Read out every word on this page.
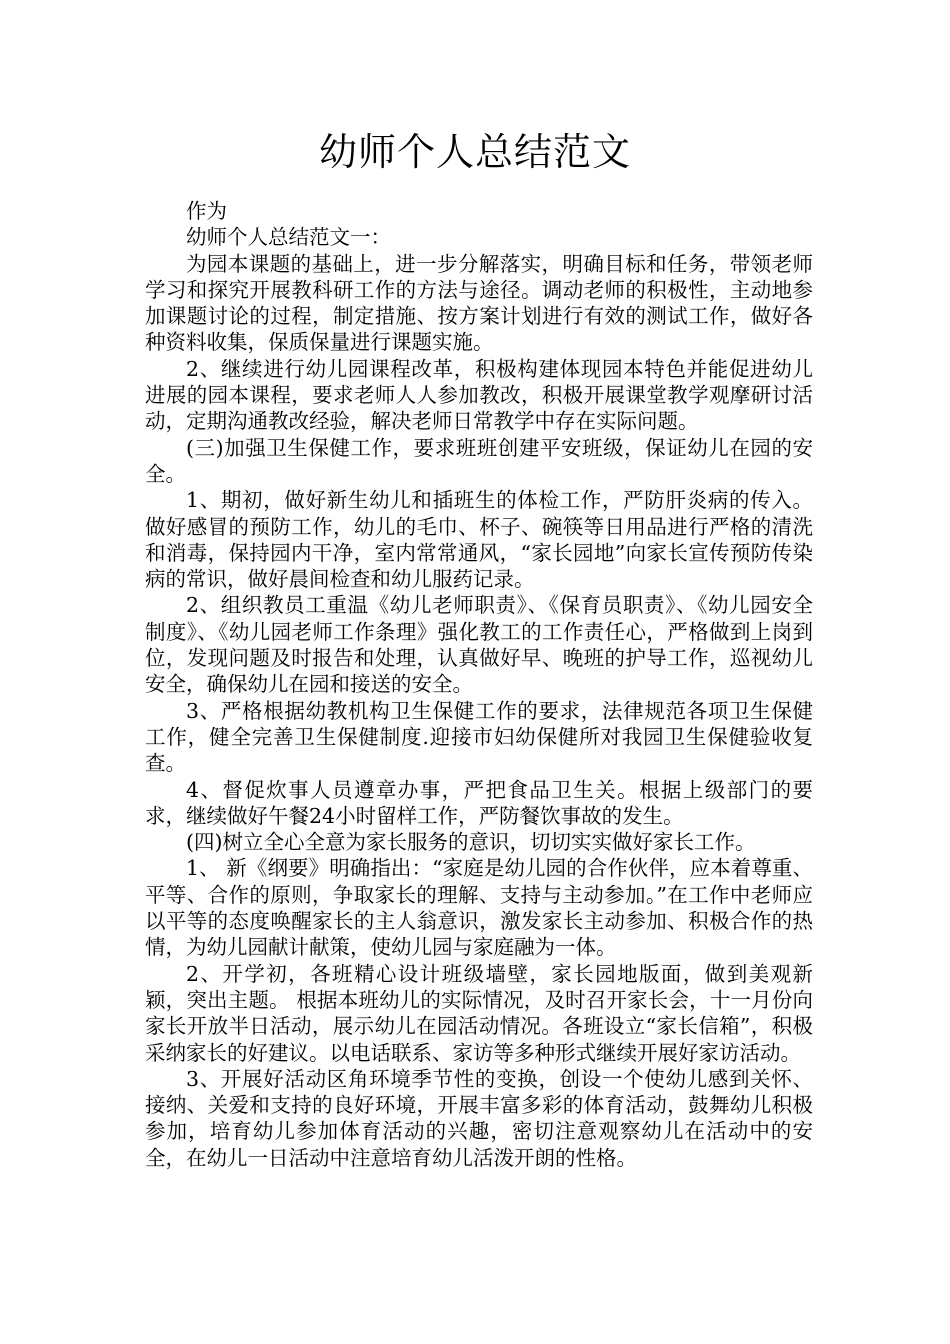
幼师个人总结范文

作为

幼师个人总结范文一：

为园本课题的基础上，进一步分解落实，明确目标和任务，带领老师学习和探究开展教科研工作的方法与途径。调动老师的积极性，主动地参加课题讨论的过程，制定措施、按方案计划进行有效的测试工作，做好各种资料收集，保质保量进行课题实施。

2、继续进行幼儿园课程改革，积极构建体现园本特色并能促进幼儿进展的园本课程，要求老师人人参加教改，积极开展课堂教学观摩研讨活动，定期沟通教改经验，解决老师日常教学中存在实际问题。

(三)加强卫生保健工作，要求班班创建平安班级，保证幼儿在园的安全。

1、期初，做好新生幼儿和插班生的体检工作，严防肝炎病的传入。做好感冒的预防工作，幼儿的毛巾、杯子、碗筷等日用品进行严格的清洗和消毒，保持园内干净，室内常常通风，“家长园地”向家长宣传预防传染病的常识，做好晨间检查和幼儿服药记录。

2、组织教员工重温《幼儿老师职责》、《保育员职责》、《幼儿园安全制度》、《幼儿园老师工作条理》强化教工的工作责任心，严格做到上岗到位，发现问题及时报告和处理，认真做好早、晚班的护导工作，巡视幼儿安全，确保幼儿在园和接送的安全。

3、严格根据幼教机构卫生保健工作的要求，法律规范各项卫生保健工作，健全完善卫生保健制度.迎接市妇幼保健所对我园卫生保健验收复查。

4、督促炊事人员遵章办事，严把食品卫生关。根据上级部门的要求，继续做好午餐24小时留样工作，严防餐饮事故的发生。

(四)树立全心全意为家长服务的意识，切切实实做好家长工作。

1、 新《纲要》明确指出：“家庭是幼儿园的合作伙伴，应本着尊重、平等、合作的原则，争取家长的理解、支持与主动参加。”在工作中老师应以平等的态度唤醒家长的主人翁意识，激发家长主动参加、积极合作的热情，为幼儿园献计献策，使幼儿园与家庭融为一体。

2、开学初，各班精心设计班级墙壁，家长园地版面，做到美观新颖，突出主题。 根据本班幼儿的实际情况，及时召开家长会，十一月份向家长开放半日活动，展示幼儿在园活动情况。各班设立“家长信箱”，积极采纳家长的好建议。以电话联系、家访等多种形式继续开展好家访活动。

3、开展好活动区角环境季节性的变换，创设一个使幼儿感到关怀、接纳、关爱和支持的良好环境，开展丰富多彩的体育活动，鼓舞幼儿积极参加，培育幼儿参加体育活动的兴趣，密切注意观察幼儿在活动中的安全，在幼儿一日活动中注意培育幼儿活泼开朗的性格。
